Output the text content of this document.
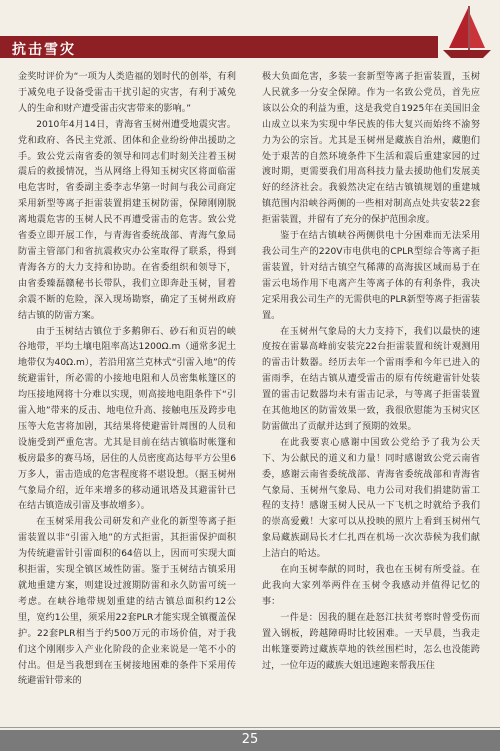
抗击雪灾

金奖时评价为“一项为人类造福的划时代的创举，有利于减免电子设备受雷击干扰引起的灾害，有利于减免人的生命和财产遭受雷击灾害带来的影响。”

2010年4月14日，青海省玉树州遭受地震灾害。党和政府、各民主党派、团体和企业纷纷伸出援助之手。致公党云南省委的领导和同志们时刻关注着玉树震后的救援情况，当从网络上得知玉树灾区将面临雷电危害时，省委副主委李志华第一时间与我公司商定采用新型等离子拒雷装置捐建玉树防雷，保障刚刚脱离地震危害的玉树人民不再遭受雷击的危害。致公党省委立即开展工作，与青海省委统战部、青海气象局防雷主管部门和省抗震救灾办公室取得了联系，得到青海各方的大力支持和协助。在省委组织和领导下，由省委臻磊赣秘书长带队，我们立即奔赴玉树，冒着余震不断的危险，深入现场勘察，确定了玉树州政府结古镇的防雷方案。

由于玉树结古镇位于多鹅卵石、砂石和页岩的峡谷地带，平均土壤电阻率高达1200Ω.m（通常多泥土地带仅为40Ω.m），若沿用富兰克林式“引雷入地”的传统避雷针，所必需的小接地电阻和人员密集帐篷区的均压接地网将十分难以实现，则高接地电阻条件下“引雷入地”带来的反击、地电位升高、接触电压及跨步电压等大危害将加剧，其结果将使避雷针周围的人员和设施受到严重危害。尤其是目前在结古镇临时帐篷和板房最多的赛马场，居住的人员密度高达每平方公里6万多人，雷击造成的危害程度将不堪设想。（据玉树州气象局介绍，近年来增多的移动通讯塔及其避雷针已在结古镇造成引雷及事故增多）。

在玉树采用我公司研发和产业化的新型等离子拒雷装置以非“引雷入地”的方式拒雷，其拒雷保护面积为传统避雷针引雷面积的64倍以上，因而可实现大面积拒雷，实现全镇区域性防雷。鉴于玉树结古镇采用就地重建方案，则建设过渡期防雷和永久防雷可统一考虑。在峡谷地带规划重建的结古镇总面积约12公里，宽约1公里，须采用22套PLR才能实现全镇覆盖保护。22套PLR相当于约500万元的市场价值，对于我们这个刚刚步入产业化阶段的企业来说是一笔不小的付出。但是当我想到在玉树接地困难的条件下采用传统避雷针带来的

极大负面危害，多装一套新型等离子拒雷装置，玉树人民就多一分安全保障。作为一名致公党员，首先应该以公众的利益为重，这是我党自1925年在美国旧金山成立以来为实现中华民族的伟大复兴而始终不渝努力为公的宗旨。尤其是玉树州是藏族自治州，藏胞们处于艰苦的自然环境条件下生活和震后重建家园的过渡时期，更需要我们用高科技力量去援助他们发展美好的经济社会。我毅然决定在结古镇镇规划的重建城镇范围内沿峡谷两侧的一些相对制高点处共安装22套拒雷装置，并留有了充分的保护范围余度。

鉴于在结古镇峡谷两侧供电十分困难而无法采用我公司生产的220V市电供电的CPLR型综合等离子拒雷装置，针对结古镇空气稀薄的高海拔区域而易于在雷云电场作用下电离产生等离子体的有利条件，我决定采用我公司生产的无需供电的PLR新型等离子拒雷装置。

在玉树州气象局的大力支持下，我们以最快的速度按在雷暴高峰前安装完22台拒雷装置和统计观测用的雷击计数器。经历去年一个雷雨季和今年已进入的雷雨季，在结古镇从遭受雷击的原有传统避雷针处装置的雷击记数器均未有雷击记录，与等离子拒雷装置在其他地区的防雷效果一致，我很欣慰能为玉树灾区防雷做出了贡献并达到了预期的效果。

在此我要衷心感谢中国致公党给予了我为公天下、为公献民的道义和力量！同时感谢致公党云南省委，感谢云南省委统战部、青海省委统战部和青海省气象局、玉树州气象局、电力公司对我们捐建防雷工程的支持！感谢玉树人民从一下飞机之时就给予我们的崇高爱戴！大家可以从投映的照片上看到玉树州气象局藏族副局长才仁扎西在机场一次次恭候为我们献上洁白的哈达。

在向玉树奉献的同时，我也在玉树有所受益。在此我向大家列举两件在玉树令我感动并值得记忆的事：

一件是：因我的腿在赴怒江扶贫考察时曾受伤而置入钢板，跨越障碍时比较困难。一天早晨，当我走出帐篷要跨过藏族草地的铁丝围栏时，怎么也没能跨过，一位年迈的藏族大姐迅速跑来帮我压住

25
